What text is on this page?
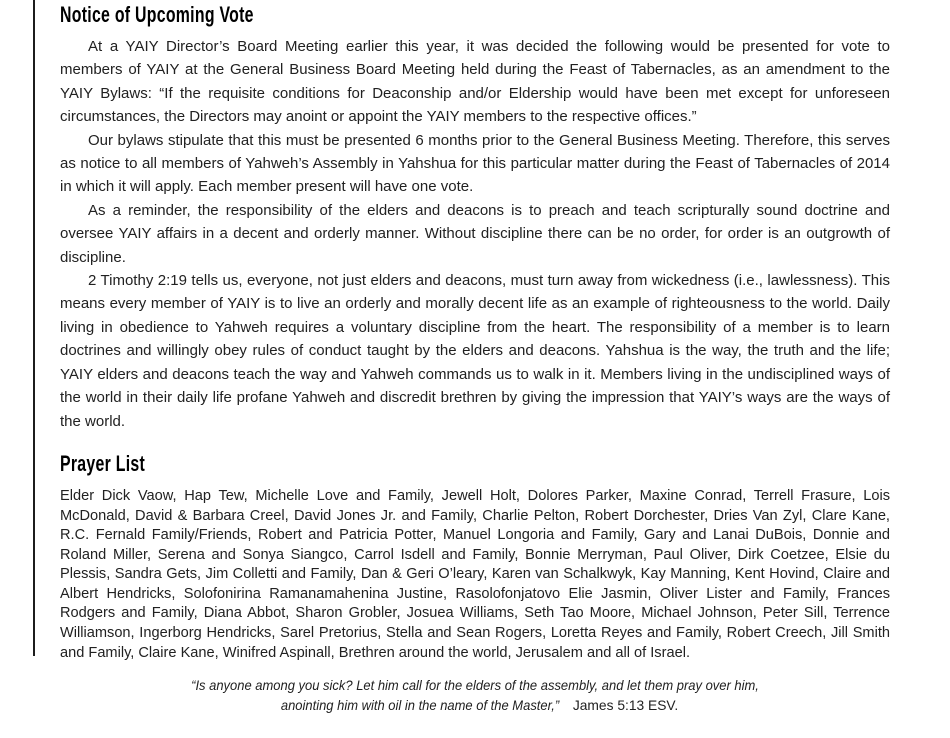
Notice of Upcoming Vote

At a YAIY Director’s Board Meeting earlier this year, it was decided the following would be presented for vote to members of YAIY at the General Business Board Meeting held during the Feast of Tabernacles, as an amendment to the YAIY Bylaws: “If the requisite conditions for Deaconship and/or Eldership would have been met except for unforeseen circumstances, the Directors may anoint or appoint the YAIY members to the respective offices.”

Our bylaws stipulate that this must be presented 6 months prior to the General Business Meeting. Therefore, this serves as notice to all members of Yahweh’s Assembly in Yahshua for this particular matter during the Feast of Tabernacles of 2014 in which it will apply. Each member present will have one vote.

As a reminder, the responsibility of the elders and deacons is to preach and teach scripturally sound doctrine and oversee YAIY affairs in a decent and orderly manner. Without discipline there can be no order, for order is an outgrowth of discipline.

2 Timothy 2:19 tells us, everyone, not just elders and deacons, must turn away from wickedness (i.e., lawlessness). This means every member of YAIY is to live an orderly and morally decent life as an example of righteousness to the world. Daily living in obedience to Yahweh requires a voluntary discipline from the heart. The responsibility of a member is to learn doctrines and willingly obey rules of conduct taught by the elders and deacons. Yahshua is the way, the truth and the life; YAIY elders and deacons teach the way and Yahweh commands us to walk in it. Members living in the undisciplined ways of the world in their daily life profane Yahweh and discredit brethren by giving the impression that YAIY’s ways are the ways of the world.

Prayer List

Elder Dick Vaow, Hap Tew, Michelle Love and Family, Jewell Holt, Dolores Parker, Maxine Conrad, Terrell Frasure, Lois McDonald, David & Barbara Creel, David Jones Jr. and Family, Charlie Pelton, Robert Dorchester, Dries Van Zyl, Clare Kane, R.C. Fernald Family/Friends, Robert and Patricia Potter, Manuel Longoria and Family, Gary and Lanai DuBois, Donnie and Roland Miller, Serena and Sonya Siangco, Carrol Isdell and Family, Bonnie Merryman, Paul Oliver, Dirk Coetzee, Elsie du Plessis, Sandra Gets, Jim Colletti and Family, Dan & Geri O’leary, Karen van Schalkwyk, Kay Manning, Kent Hovind, Claire and Albert Hendricks, Solofonirina Ramanamahenina Justine, Rasolofonjatovo Elie Jasmin, Oliver Lister and Family, Frances Rodgers and Family, Diana Abbot, Sharon Grobler, Josuea Williams, Seth Tao Moore, Michael Johnson, Peter Sill, Terrence Williamson, Ingerborg Hendricks, Sarel Pretorius, Stella and Sean Rogers, Loretta Reyes and Family, Robert Creech, Jill Smith and Family, Claire Kane, Winifred Aspinall, Brethren around the world, Jerusalem and all of Israel.

“Is anyone among you sick? Let him call for the elders of the assembly, and let them pray over him,
anointing him with oil in the name of the Master,” James 5:13 ESV.
